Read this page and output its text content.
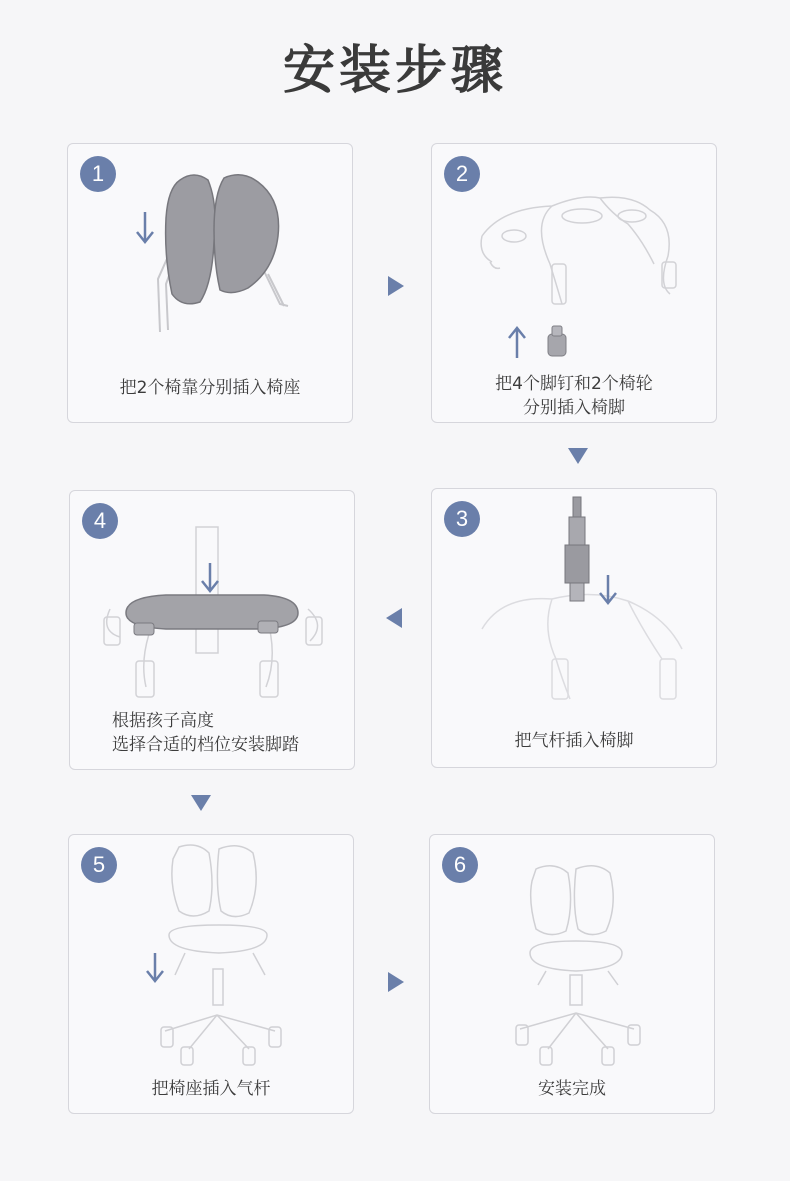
安装步骤
1
把2个椅靠分别插入椅座
2
把4个脚钉和2个椅轮
分别插入椅脚
4
根据孩子高度
选择合适的档位安装脚踏
3
把气杆插入椅脚
5
把椅座插入气杆
6
安装完成
